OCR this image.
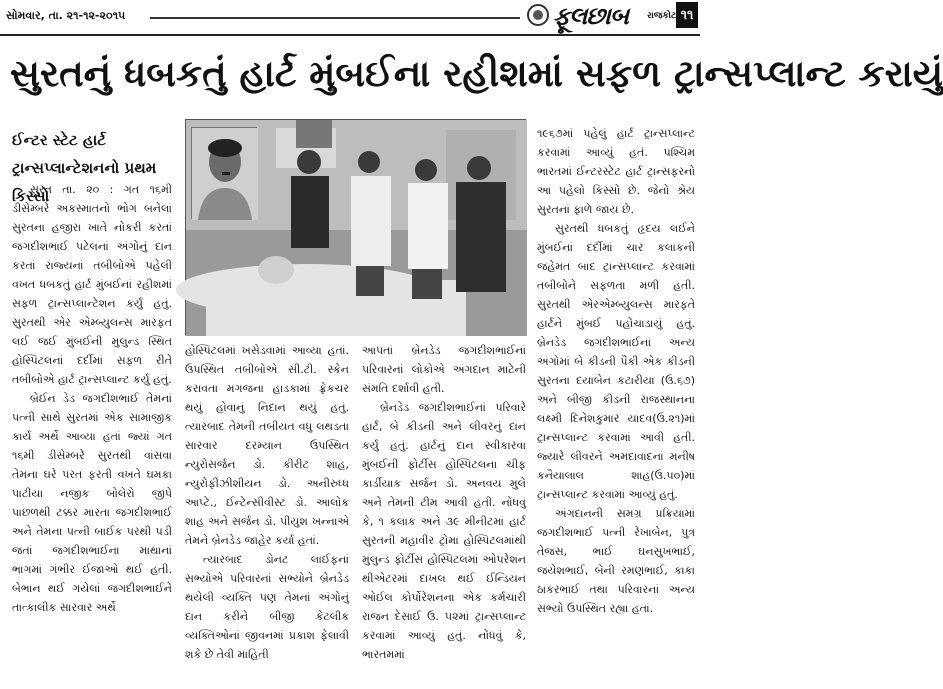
સોમવાર, તા. ૨૧-૧૨-૨૦૧૫	ફૂલછાબ રાજકોટ ૧૧
સુરતનું ધબકતું હાર્ટ મુંબઈના રહીશમાં સફળ ટ્રાન્સપ્લાન્ટ કરાયું
ઈન્ટર સ્ટેટ હાર્ટ ટ્રાન્સપ્લાન્ટેશનનો પ્રથમ કિસ્સો

સુરત તા. ૨૦ : ગત ૧૬મી ડીસેમ્બરે અકસ્માતનો ભોગ બનેલાં સુરતના હજીરા ખાતે નોકરી કરતાં જગદીશભાઈ પટેલનાં અંગોનું દાન કરતાં રાજ્યનાં તબીબોએ પહેલી વખત ધબકતું હાર્ટ મુંબઈનાં રહીશમાં સફળ ટ્રાન્સપ્લાન્ટેશન કર્યું હતું. સુરતથી એર એમ્બ્યુલન્સ મારફત લઈ જઈ મુંબઈની મુલુન્ડ સ્થિત હોસ્પિટલનાં દર્દીમાં સફળ રીતે તબીબોએ હાર્ટ ટ્રાન્સપ્લાન્ટ કર્યુ હતું.

બ્રેઈન ડેડ જગદીશભાઈ તેમનાં પત્ની સાથે સુરતમાં એક સામાજીક કાર્ય અર્થે આવ્યા હતાં જ્યાં ગત ૧૬મી ડીસેમ્બરે સુરતથી વાંસવા તેમના ઘરે પરત ફરતી વખતે ઘમકા પાટીયા નજીક બોલેરો જીપે પાછળથી ટક્કર મારતા જગદીશભાઈ અને તેમના પત્ની બાઈક પરથી પડી જતાં જગદીશભાઈના માથાનાં ભાગમાં ગંભીર ઈજાઓ થઈ હતી. બેભાન થઈ ગયેલાં જગદીશભાઈને તાત્કાલીક સારવાર અર્થે

હોસ્પિટલમાં ખસેડવામાં આવ્યા હતાં. ઉપસ્થિત તબીબોએ સી.ટી. સ્કેન કરાવતા મગજના હાડકામાં ફ્રેકચર થયું હોવાનું નિદાન થયું હતું. ત્યારબાદ તેમની તબીયત વધુ લથડતા સારવાર દરમ્યાન ઉપસ્થિત ન્યુરોસર્જન ડો. કીરીટ શાહ, ન્યુરોફીઝીશીયન ડો. અનીરુધ્ધ આપ્ટે., ઈન્ટેન્સીવીસ્ટ ડો. આલોક શાહ અને સર્જન ડો. પીયુશ ખન્નાએ તેમને બ્રેનડેડ જાહેર કર્યા હતાં.

ત્યારબાદ ડોનટ લાઈફનાં સભ્યોએ પરિવારનાં સભ્યોને બ્રેનડેડ થયેલી વ્યક્તિ પણ તેમનાં અંગોનું દાન કરીને બીજી કેટલીક વ્યક્તિઓનાં જીવનમાં પ્રકાશ ફેલાવી શકે છે તેવી માહિતી

આપતાં બ્રેનડેડ જગદીશભાઈનાં પરિવારનાં લોકોએ અંગદાન માટેની સંમતિ દર્શાવી હતી.

બ્રેનડેડ જગદીશભાઈનાં પરિવારે હાર્ટ, બે કીડની અને લીવરનું દાન કર્યુ હતું. હાર્ટનું દાન સ્વીકારવા મુંબઈની ફોર્ટીસ હોસ્પિટલના ચીફ કાર્ડીયાક સર્જન ડો. અનવય મુલે અને તેમની ટીમ આવી હતી. નોંધવું કે, ૧ કલાક અને ૩૯ મીનીટમાં હાર્ટ સુરતની મહાવીર ટ્રોમા હોસ્પિટલમાંથી મુલુન્ડ ફોર્ટીસ હોસ્પિટલમાં ઓપરેશન થીએટરમાં દાખલ થઈ ઈન્ડિયન ઓઈલ કોર્પોરેશનના એક કર્મચારી રાજન દેસાઈ ઉ. ૫૨માં ટ્રાન્સપ્લાન્ટ કરવામાં આવ્યું હતું. નોંધવું કે, ભારતમમાં

૧૯૬૭માં પહેલું હાર્ટ ટ્રાન્સપ્લાન્ટ કરવામાં આવ્યું હતં. પશ્ચિમ ભારતમાં ઈન્ટરસ્ટેટ હાર્ટ ટ્રાન્સફરનો આ પહેલો કિસ્સો છે. જેનો શ્રેય સુરતનાં ફાળે જાય છે.

સુરતથી ધબકતું હૃદય લઈને મુંબઈનાં દર્દીમાં ચાર કલાકની જહેમત બાદ ટ્રાન્સપ્લાન્ટ કરવામાં તબીબોને સફળતા મળી હતી. સુરતથી એરએમ્બ્યુલન્સ મારફતે હાર્ટને મુંબઈ પહોંચાડાયું હતું. બ્રેનડેડ જગદીશભાઈનાં અન્ય અંગોમાં બે કીડની પૈકી એક કીડની સુરતના દયાબેન કટારીયા (ઉ.૬૭) અને બીજી કીડની રાજસ્થાનના લક્ષ્મી દિનેશકુમાર યાદવ(ઉ.૨૧)માં ટ્રાન્સપ્લાન્ટ કરવામાં આવી હતી. જ્યારે લીવરને અમદાવાદનાં મનીષ કનૈયાલાલ શાહ(ઉ.૫૦)માં ટ્રાન્સપ્લાન્ટ કરવામાં આવ્યું હતું.

અંગદાનની સમગ્ર પ્રક્રિયામાં જગદીશભાઈ પત્ની રેખાબેન, પુત્ર તેજસ, ભાઈ ઘનસુખભાઈ, જયેશભાઈ, બેની રમણભાઈ, કાકા ઠાકરભાઈ તથા પરિવારનાં અન્ય સભ્યો ઉપસ્થિત રહ્યા હતાં.
